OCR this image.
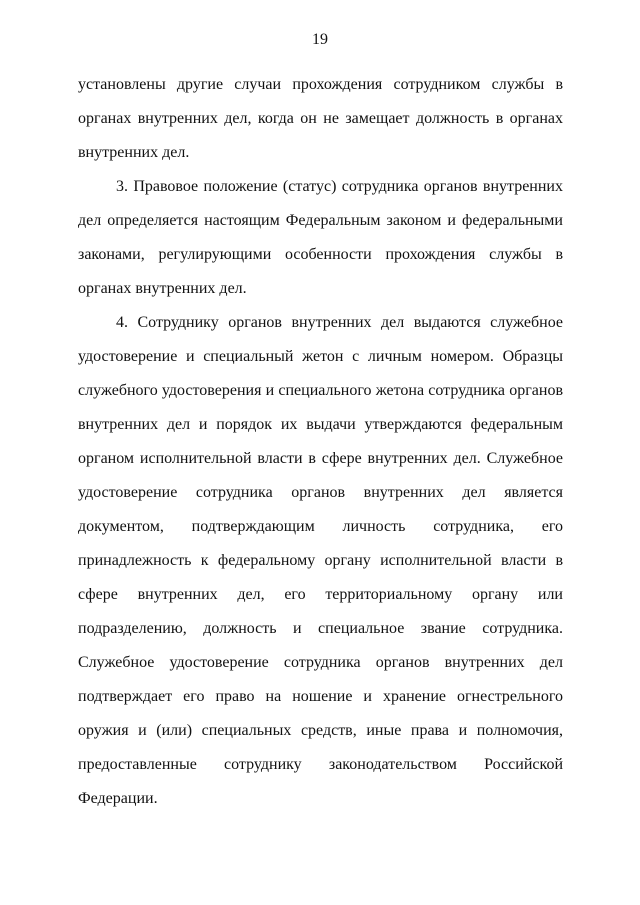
19

установлены другие случаи прохождения сотрудником службы в органах внутренних дел, когда он не замещает должность в органах внутренних дел.

3. Правовое положение (статус) сотрудника органов внутренних дел определяется настоящим Федеральным законом и федеральными законами, регулирующими особенности прохождения службы в органах внутренних дел.

4. Сотруднику органов внутренних дел выдаются служебное удостоверение и специальный жетон с личным номером. Образцы служебного удостоверения и специального жетона сотрудника органов внутренних дел и порядок их выдачи утверждаются федеральным органом исполнительной власти в сфере внутренних дел. Служебное удостоверение сотрудника органов внутренних дел является документом, подтверждающим личность сотрудника, его принадлежность к федеральному органу исполнительной власти в сфере внутренних дел, его территориальному органу или подразделению, должность и специальное звание сотрудника. Служебное удостоверение сотрудника органов внутренних дел подтверждает его право на ношение и хранение огнестрельного оружия и (или) специальных средств, иные права и полномочия, предоставленные сотруднику законодательством Российской Федерации.
